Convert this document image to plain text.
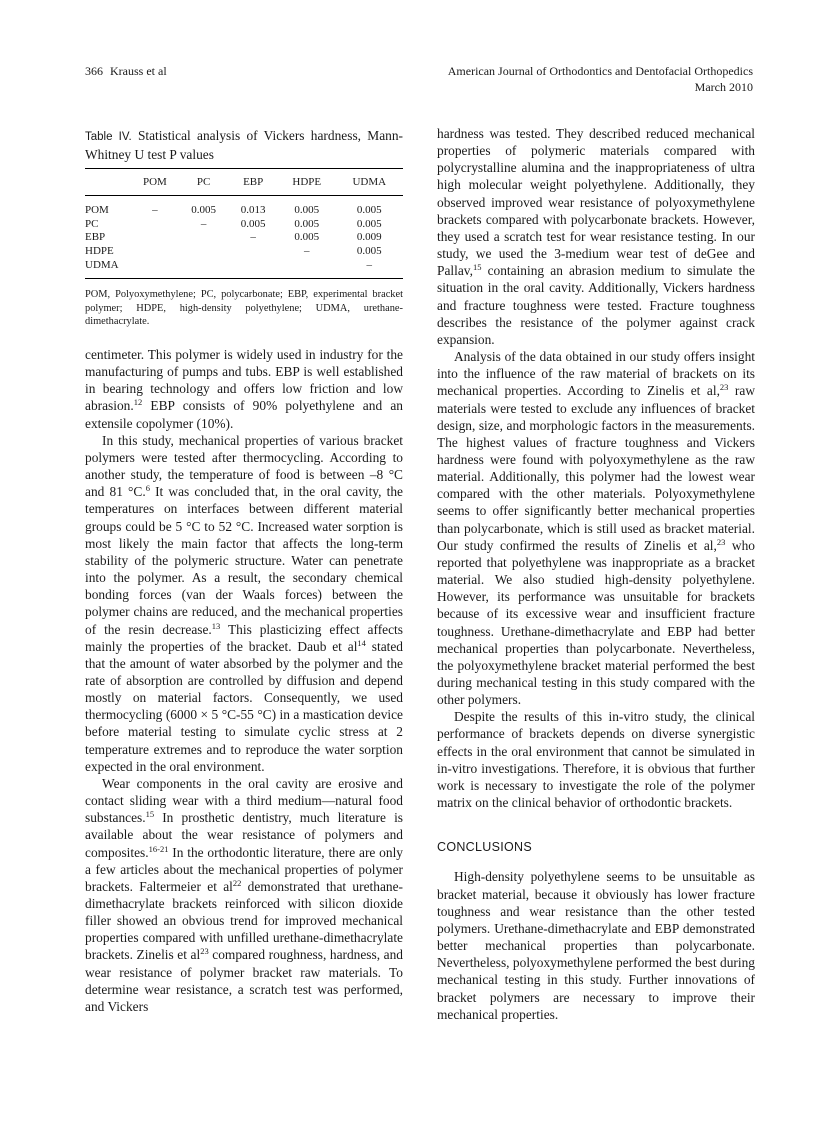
366 Krauss et al	American Journal of Orthodontics and Dentofacial Orthopedics
March 2010
Table IV. Statistical analysis of Vickers hardness, Mann-Whitney U test P values
	POM	PC	EBP	HDPE	UDMA
POM	–	0.005	0.013	0.005	0.005
PC		–	0.005	0.005	0.005
EBP			–	0.005	0.009
HDPE				–	0.005
UDMA					–
POM, Polyoxymethylene; PC, polycarbonate; EBP, experimental bracket polymer; HDPE, high-density polyethylene; UDMA, urethane-dimethacrylate.

centimeter. This polymer is widely used in industry for the manufacturing of pumps and tubs. EBP is well established in bearing technology and offers low friction and low abrasion.$^{12}$ EBP consists of 90% polyethylene and an extensile copolymer (10%).

In this study, mechanical properties of various bracket polymers were tested after thermocycling. According to another study, the temperature of food is between –8 °C and 81 °C.$^6$ It was concluded that, in the oral cavity, the temperatures on interfaces between different material groups could be 5 °C to 52 °C. Increased water sorption is most likely the main factor that affects the long-term stability of the polymeric structure. Water can penetrate into the polymer. As a result, the secondary chemical bonding forces (van der Waals forces) between the polymer chains are reduced, and the mechanical properties of the resin decrease.$^{13}$ This plasticizing effect affects mainly the properties of the bracket. Daub et $al^{14}$ stated that the amount of water absorbed by the polymer and the rate of absorption are controlled by diffusion and depend mostly on material factors. Consequently, we used thermocycling (6000 × 5 °C-55 °C) in a mastication device before material testing to simulate cyclic stress at 2 temperature extremes and to reproduce the water sorption expected in the oral environment.

Wear components in the oral cavity are erosive and contact sliding wear with a third medium—natural food substances.$^{15}$ In prosthetic dentistry, much literature is available about the wear resistance of polymers and composites.$^{16-21}$ In the orthodontic literature, there are only a few articles about the mechanical properties of polymer brackets. Faltermeier et $al^{22}$ demonstrated that urethane-dimethacrylate brackets reinforced with silicon dioxide filler showed an obvious trend for improved mechanical properties compared with unfilled urethane-dimethacrylate brackets. Zinelis et $al^{23}$ compared roughness, hardness, and wear resistance of polymer bracket raw materials. To determine wear resistance, a scratch test was performed, and Vickers

hardness was tested. They described reduced mechanical properties of polymeric materials compared with polycrystalline alumina and the inappropriateness of ultra high molecular weight polyethylene. Additionally, they observed improved wear resistance of polyoxymethylene brackets compared with polycarbonate brackets. However, they used a scratch test for wear resistance testing. In our study, we used the 3-medium wear test of deGee and Pallav,$^{15}$ containing an abrasion medium to simulate the situation in the oral cavity. Additionally, Vickers hardness and fracture toughness were tested. Fracture toughness describes the resistance of the polymer against crack expansion.

Analysis of the data obtained in our study offers insight into the influence of the raw material of brackets on its mechanical properties. According to Zinelis et al,$^{23}$ raw materials were tested to exclude any influences of bracket design, size, and morphologic factors in the measurements. The highest values of fracture toughness and Vickers hardness were found with polyoxymethylene as the raw material. Additionally, this polymer had the lowest wear compared with the other materials. Polyoxymethylene seems to offer significantly better mechanical properties than polycarbonate, which is still used as bracket material. Our study confirmed the results of Zinelis et al,$^{23}$ who reported that polyethylene was inappropriate as a bracket material. We also studied high-density polyethylene. However, its performance was unsuitable for brackets because of its excessive wear and insufficient fracture toughness. Urethane-dimethacrylate and EBP had better mechanical properties than polycarbonate. Nevertheless, the polyoxymethylene bracket material performed the best during mechanical testing in this study compared with the other polymers.

Despite the results of this in-vitro study, the clinical performance of brackets depends on diverse synergistic effects in the oral environment that cannot be simulated in in-vitro investigations. Therefore, it is obvious that further work is necessary to investigate the role of the polymer matrix on the clinical behavior of orthodontic brackets.

CONCLUSIONS

High-density polyethylene seems to be unsuitable as bracket material, because it obviously has lower fracture toughness and wear resistance than the other tested polymers. Urethane-dimethacrylate and EBP demonstrated better mechanical properties than polycarbonate. Nevertheless, polyoxymethylene performed the best during mechanical testing in this study. Further innovations of bracket polymers are necessary to improve their mechanical properties.
